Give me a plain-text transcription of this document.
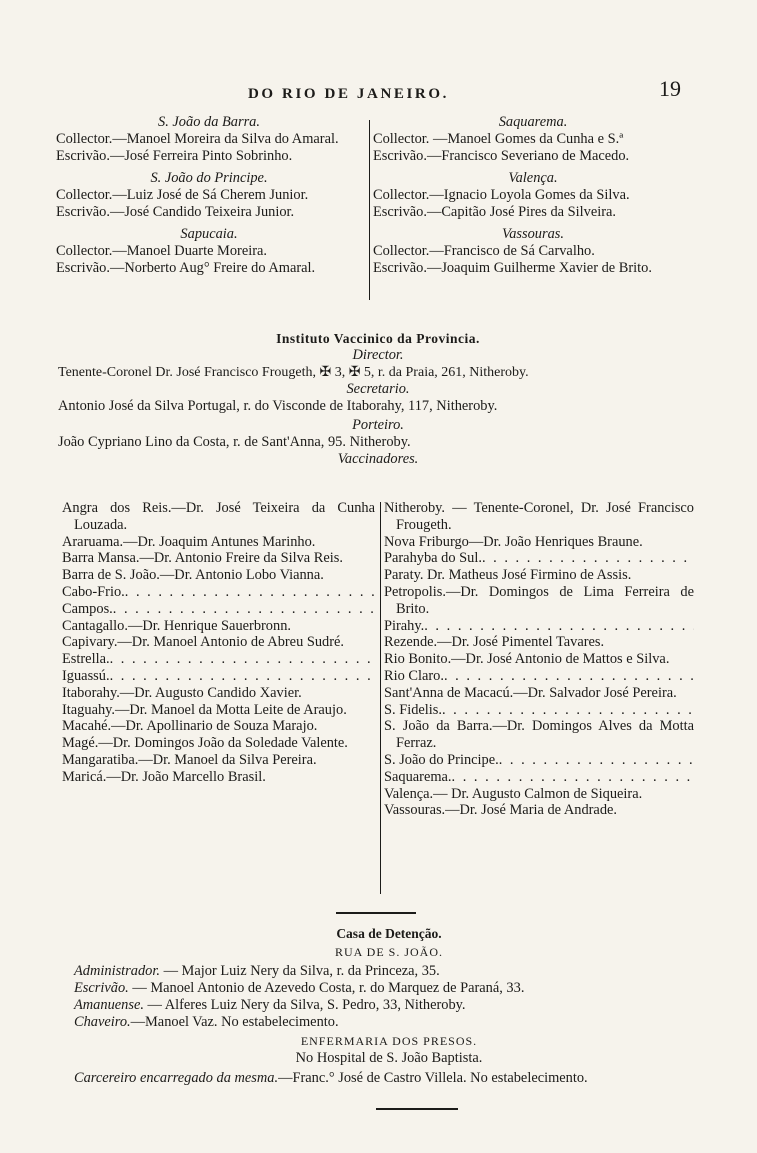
DO RIO DE JANEIRO.	19
S. João da Barra.
Collector.—Manoel Moreira da Silva do Amaral.
Escrivão.—José Ferreira Pinto Sobrinho.
S. João do Principe.
Collector.—Luiz José de Sá Cherem Junior.
Escrivão.—José Candido Teixeira Junior.
Sapucaia.
Collector.—Manoel Duarte Moreira.
Escrivão.—Norberto Aug° Freire do Amaral.
Saquarema.
Collector. —Manoel Gomes da Cunha e S.ª
Escrivão.—Francisco Severiano de Macedo.
Valença.
Collector.—Ignacio Loyola Gomes da Silva.
Escrivão.—Capitão José Pires da Silveira.
Vassouras.
Collector.—Francisco de Sá Carvalho.
Escrivão.—Joaquim Guilherme Xavier de Brito.
Instituto Vaccinico da Provincia.
Director.
Tenente-Coronel Dr. José Francisco Frougeth, ✠ 3, ✠ 5, r. da Praia, 261, Nitheroby.
Secretario.
Antonio José da Silva Portugal, r. do Visconde de Itaborahy, 117, Nitheroby.
Porteiro.
João Cypriano Lino da Costa, r. de Sant'Anna, 95. Nitheroby.
Vaccinadores.
Angra dos Reis.—Dr. José Teixeira da Cunha Louzada.
Araruama.—Dr. Joaquim Antunes Marinho.
Barra Mansa.—Dr. Antonio Freire da Silva Reis.
Barra de S. João.—Dr. Antonio Lobo Vianna.
Cabo-Frio.
. . .
Campos.
. . .
Cantagallo.—Dr. Henrique Sauerbronn.
Capivary.—Dr. Manoel Antonio de Abreu Sudré.
Estrella.
. . .
Iguassú.
. . .
Itaborahy.—Dr. Augusto Candido Xavier.
Itaguahy.—Dr. Manoel da Motta Leite de Araujo.
Macahé.—Dr. Apollinario de Souza Marajo.
Magé.—Dr. Domingos João da Soledade Valente.
Mangaratiba.—Dr. Manoel da Silva Pereira.
Maricá.—Dr. João Marcello Brasil.
Nitheroby. — Tenente-Coronel, Dr. José Francisco Frougeth.
Nova Friburgo—Dr. João Henriques Braune.
Parahyba do Sul.
. . .
Paraty. Dr. Matheus José Firmino de Assis.
Petropolis.—Dr. Domingos de Lima Ferreira de Brito.
Pirahy.
. . .
Rezende.—Dr. José Pimentel Tavares.
Rio Bonito.—Dr. José Antonio de Mattos e Silva.
Rio Claro.
. . .
Sant'Anna de Macacú.—Dr. Salvador José Pereira.
S. Fidelis.
. . .
S. João da Barra.—Dr. Domingos Alves da Motta Ferraz.
S. João do Principe.
. . .
Saquarema.
. . .
Valença.— Dr. Augusto Calmon de Siqueira.
Vassouras.—Dr. José Maria de Andrade.
Casa de Detenção.
RUA DE S. JOÃO.
Administrador. — Major Luiz Nery da Silva, r. da Princeza, 35.
Escrivão. — Manoel Antonio de Azevedo Costa, r. do Marquez de Paraná, 33.
Amanuense. — Alferes Luiz Nery da Silva, S. Pedro, 33, Nitheroby.
Chaveiro.—Manoel Vaz. No estabelecimento.
ENFERMARIA DOS PRESOS.
No Hospital de S. João Baptista.
Carcereiro encarregado da mesma.—Franc.° José de Castro Villela. No estabelecimento.
